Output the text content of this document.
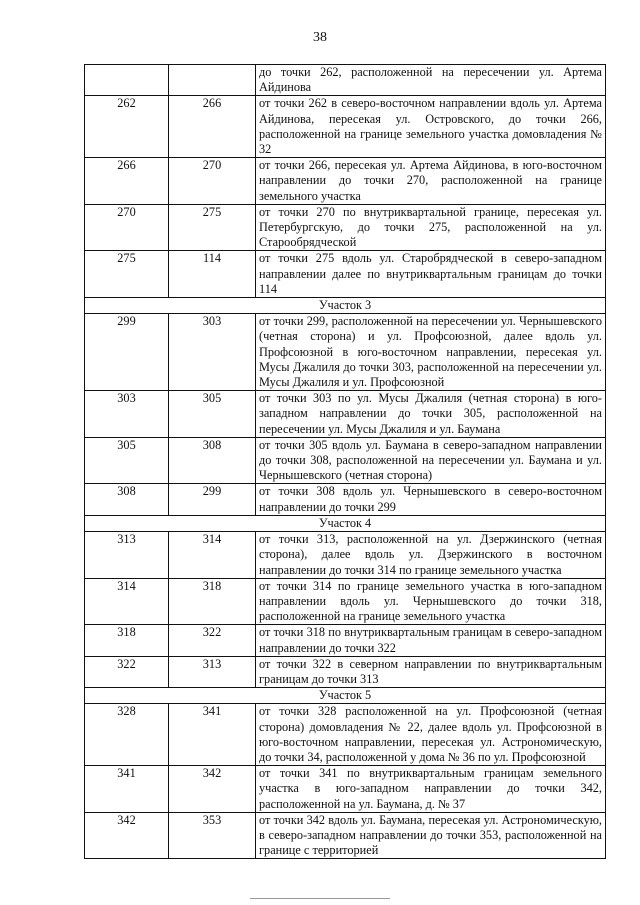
38
		до точки 262, расположенной на пересечении ул. Артема Айдинова
262	266	от точки 262 в северо-восточном направлении вдоль ул. Артема Айдинова, пересекая ул. Островского, до точки 266, расположенной на границе земельного участка домовладения № 32
266	270	от точки 266, пересекая ул. Артема Айдинова, в юго-восточном направлении до точки 270, расположенной на границе земельного участка
270	275	от точки 270 по внутриквартальной границе, пересекая ул. Петербургскую, до точки 275, расположенной на ул. Старообрядческой
275	114	от точки 275 вдоль ул. Старобрядческой в северо-западном направлении далее по внутриквартальным границам до точки 114
Участок 3		
299	303	от точки 299, расположенной на пересечении ул. Чернышевского (четная сторона) и ул. Профсоюзной, далее вдоль ул. Профсоюзной в юго-восточном направлении, пересекая ул. Мусы Джалиля до точки 303, расположенной на пересечении ул. Мусы Джалиля и ул. Профсоюзной
303	305	от точки 303 по ул. Мусы Джалиля (четная сторона) в юго-западном направлении до точки 305, расположенной на пересечении ул. Мусы Джалиля и ул. Баумана
305	308	от точки 305 вдоль ул. Баумана в северо-западном направлении до точки 308, расположенной на пересечении ул. Баумана и ул. Чернышевского (четная сторона)
308	299	от точки 308 вдоль ул. Чернышевского в северо-восточном направлении до точки 299
Участок 4		
313	314	от точки 313, расположенной на ул. Дзержинского (четная сторона), далее вдоль ул. Дзержинского в восточном направлении до точки 314 по границе земельного участка
314	318	от точки 314 по границе земельного участка в юго-западном направлении вдоль ул. Чернышевского до точки 318, расположенной на границе земельного участка
318	322	от точки 318 по внутриквартальным границам в северо-западном направлении до точки 322
322	313	от точки 322 в северном направлении по внутриквартальным границам до точки 313
Участок 5		
328	341	от точки 328 расположенной на ул. Профсоюзной (четная сторона) домовладения № 22, далее вдоль ул. Профсоюзной в юго-восточном направлении, пересекая ул. Астрономическую, до точки 34, расположенной у дома № 36 по ул. Профсоюзной
341	342	от точки 341 по внутриквартальным границам земельного участка в юго-западном направлении до точки 342, расположенной на ул. Баумана, д. № 37
342	353	от точки 342 вдоль ул. Баумана, пересекая ул. Астрономическую, в северо-западном направлении до точки 353, расположенной на границе с территорией
